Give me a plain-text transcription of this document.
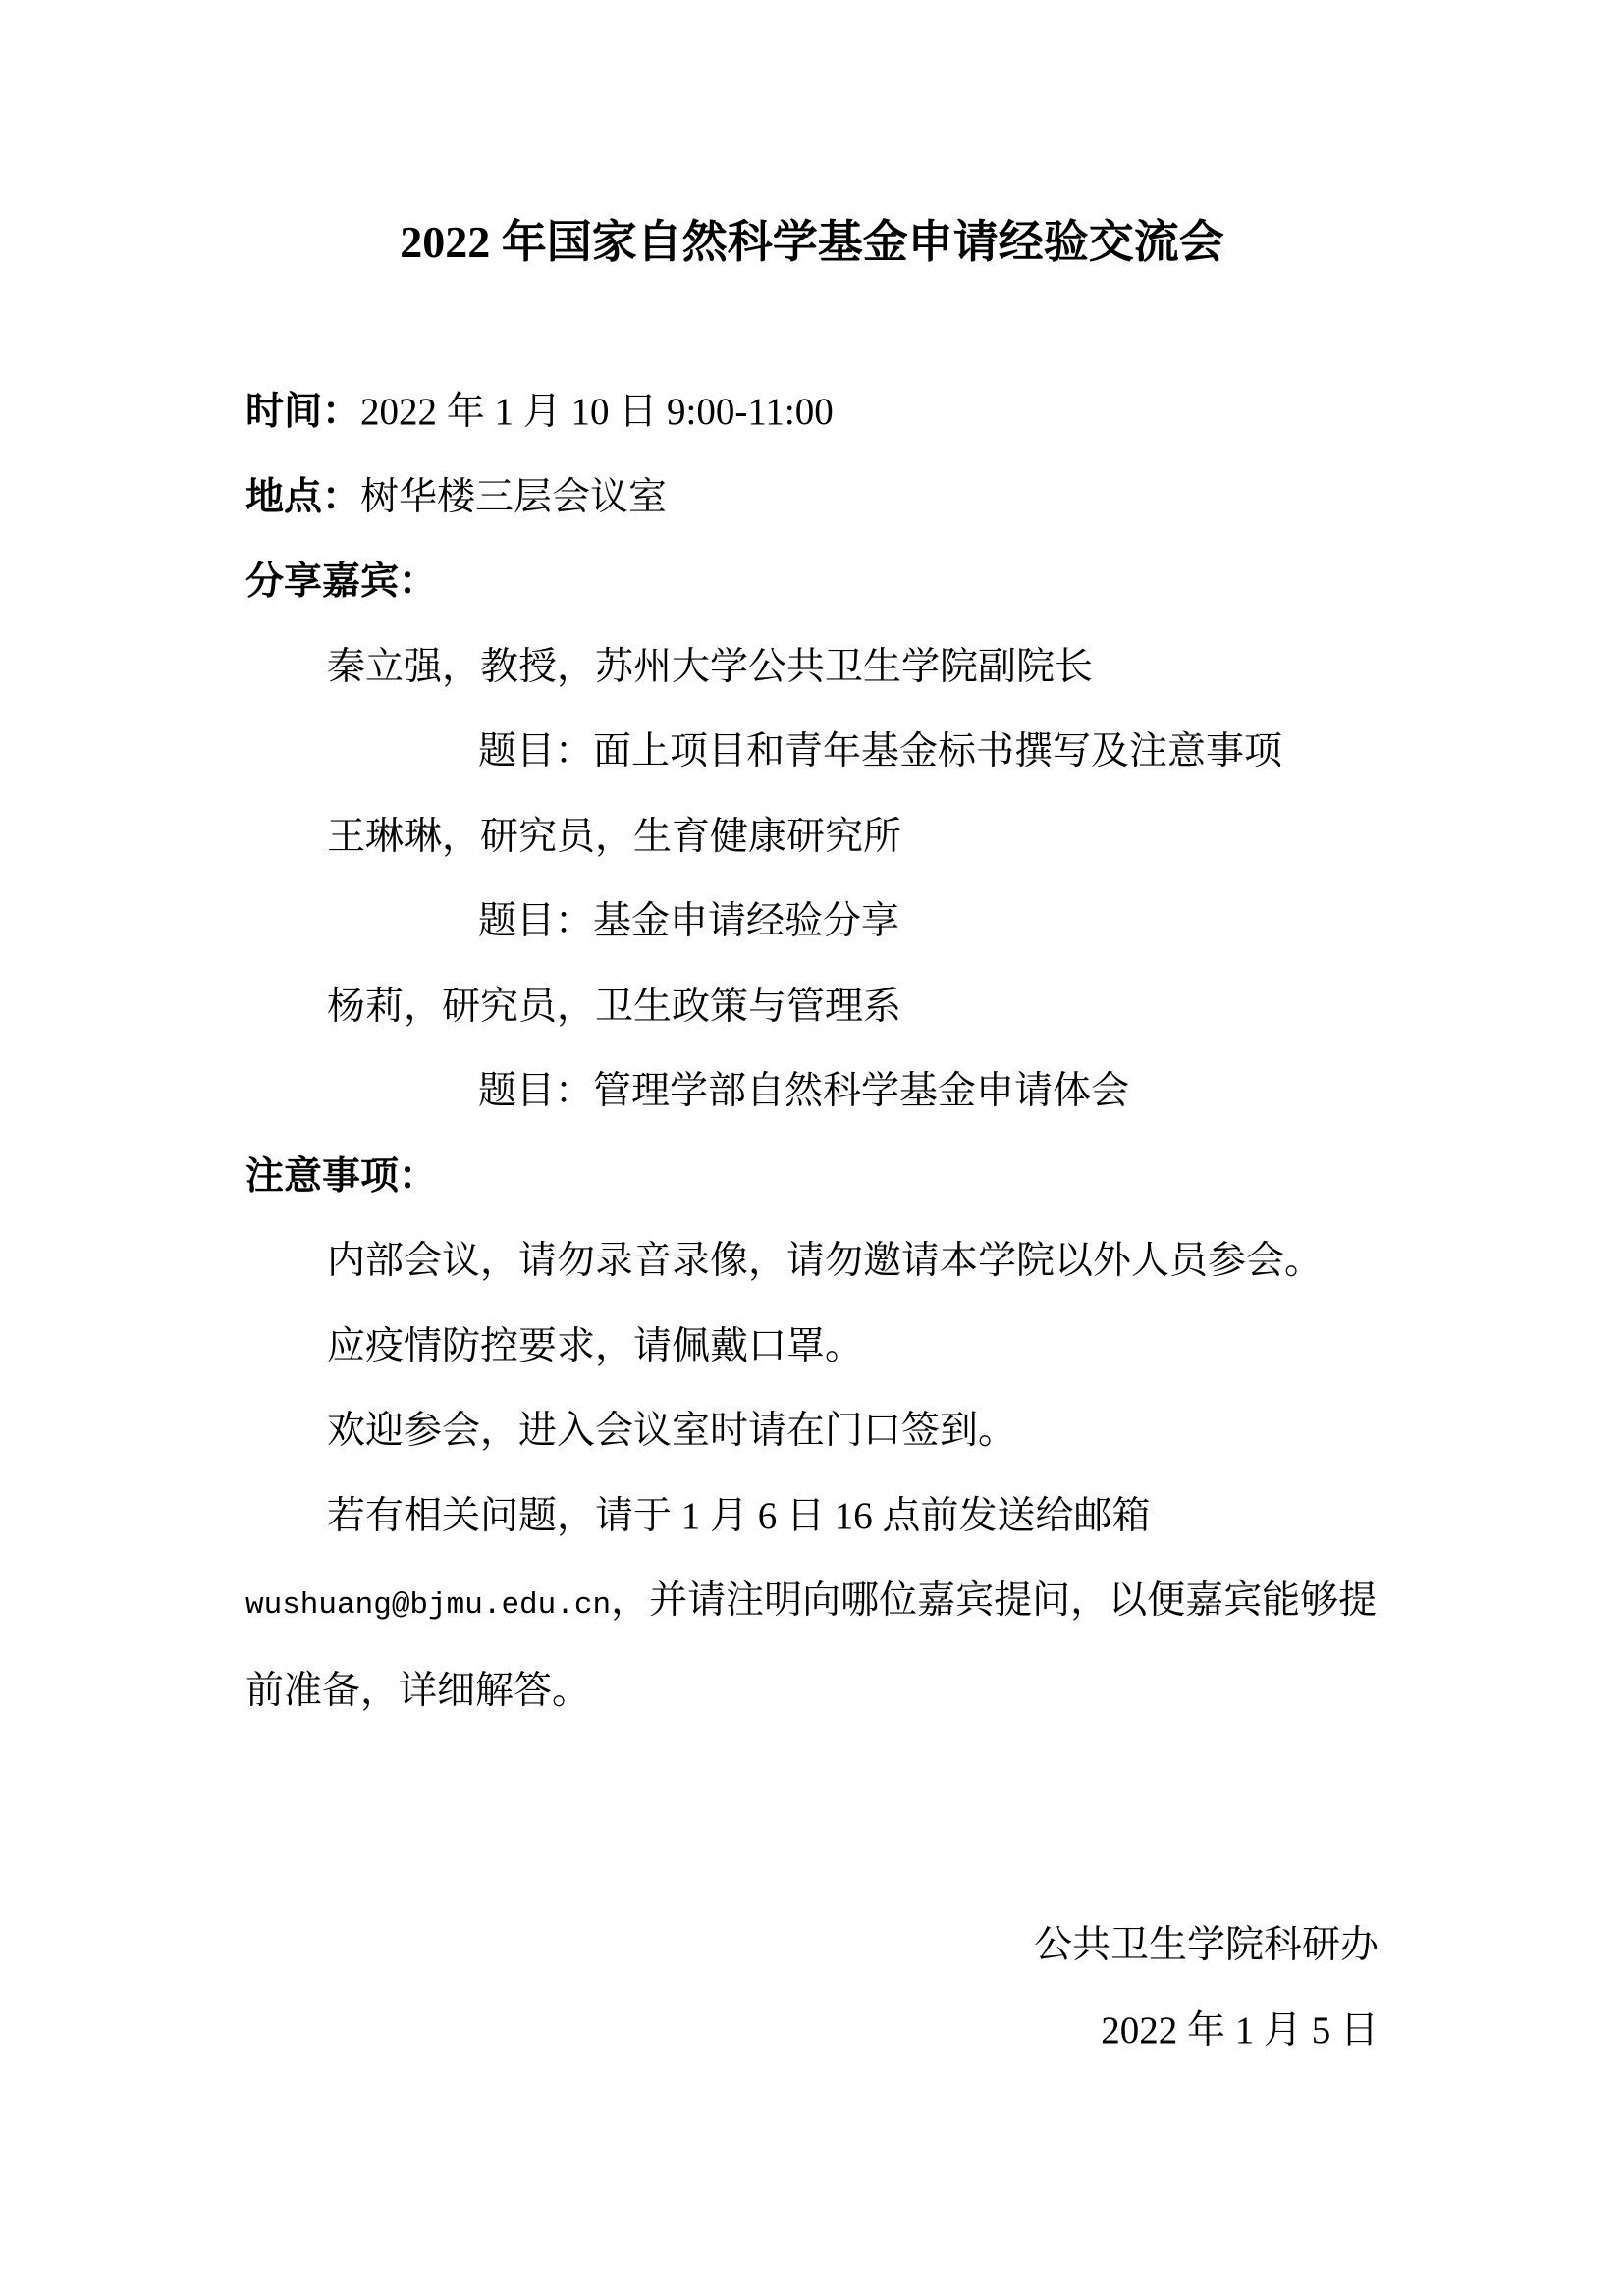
2022 年国家自然科学基金申请经验交流会
时间：2022 年 1 月 10 日 9:00-11:00
地点：树华楼三层会议室
分享嘉宾：
秦立强，教授，苏州大学公共卫生学院副院长
题目：面上项目和青年基金标书撰写及注意事项
王琳琳，研究员，生育健康研究所
题目：基金申请经验分享
杨莉，研究员，卫生政策与管理系
题目：管理学部自然科学基金申请体会
注意事项：
内部会议，请勿录音录像，请勿邀请本学院以外人员参会。
应疫情防控要求，请佩戴口罩。
欢迎参会，进入会议室时请在门口签到。
若有相关问题，请于 1 月 6 日 16 点前发送给邮箱
wushuang@bjmu.edu.cn，并请注明向哪位嘉宾提问，以便嘉宾能够提
前准备，详细解答。
公共卫生学院科研办
2022 年 1 月 5 日
